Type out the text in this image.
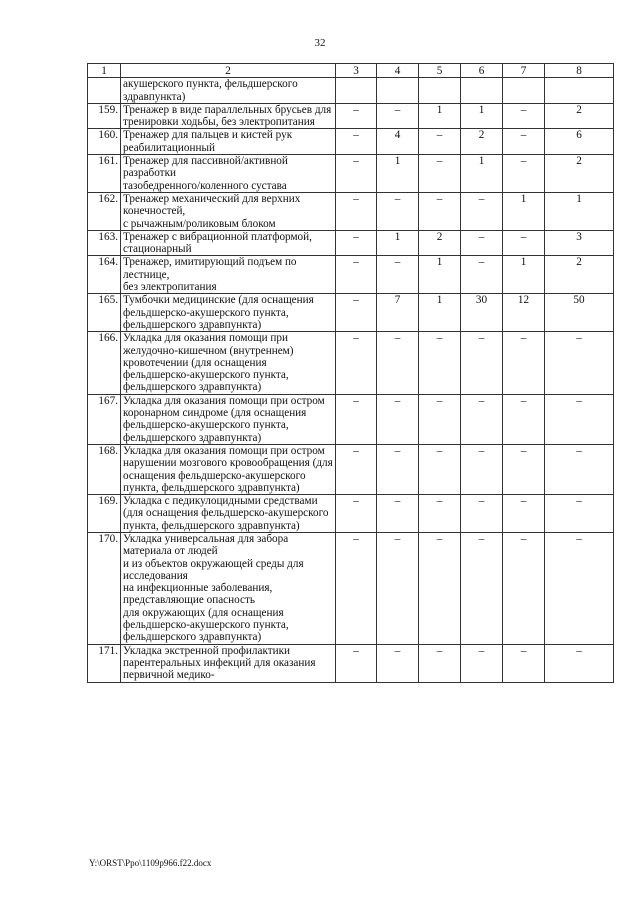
32
1	2	3	4	5	6	7	8
	акушерского пункта, фельдшерского здравпункта)						
159.	Тренажер в виде параллельных брусьев для тренировки ходьбы, без электропитания	–	–	1	1	–	2
160.	Тренажер для пальцев и кистей рук реабилитационный	–	4	–	2	–	6
161.	Тренажер для пассивной/активной разработки
тазобедренного/коленного сустава	–	1	–	1	–	2
162.	Тренажер механический для верхних конечностей,
с рычажным/роликовым блоком	–	–	–	–	1	1
163.	Тренажер с вибрационной платформой, стационарный	–	1	2	–	–	3
164.	Тренажер, имитирующий подъем по лестнице,
без электропитания	–	–	1	–	1	2
165.	Тумбочки медицинские (для оснащения фельдшерско-акушерского пункта, фельдшерского здравпункта)	–	7	1	30	12	50
166.	Укладка для оказания помощи при желудочно-кишечном (внутреннем) кровотечении (для оснащения фельдшерско-акушерского пункта, фельдшерского здравпункта)	–	–	–	–	–	–
167.	Укладка для оказания помощи при остром коронарном синдроме (для оснащения фельдшерско-акушерского пункта, фельдшерского здравпункта)	–	–	–	–	–	–
168.	Укладка для оказания помощи при остром нарушении мозгового кровообращения (для оснащения фельдшерско-акушерского пункта, фельдшерского здравпункта)	–	–	–	–	–	–
169.	Укладка с педикулоцидными средствами (для оснащения фельдшерско-акушерского пункта, фельдшерского здравпункта)	–	–	–	–	–	–
170.	Укладка универсальная для забора материала от людей
и из объектов окружающей среды для исследования
на инфекционные заболевания, представляющие опасность
для окружающих (для оснащения фельдшерско-акушерского пункта, фельдшерского здравпункта)	–	–	–	–	–	–
171.	Укладка экстренной профилактики парентеральных инфекций для оказания первичной медико-	–	–	–	–	–	–
Y:\ORST\Ppo\1109p966.f22.docx
